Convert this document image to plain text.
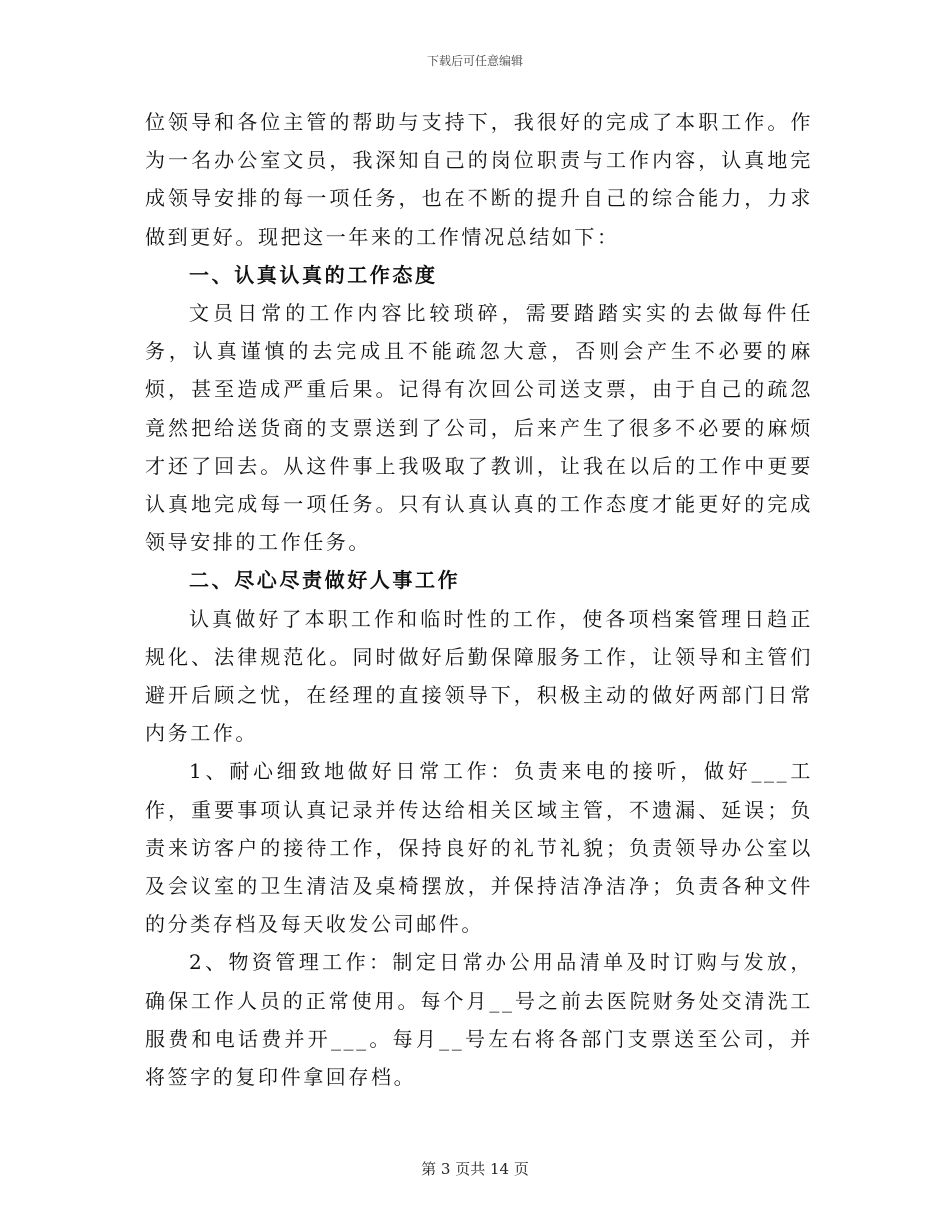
下载后可任意编辑

位领导和各位主管的帮助与支持下，我很好的完成了本职工作。作为一名办公室文员，我深知自己的岗位职责与工作内容，认真地完成领导安排的每一项任务，也在不断的提升自己的综合能力，力求做到更好。现把这一年来的工作情况总结如下：

一、认真认真的工作态度

文员日常的工作内容比较琐碎，需要踏踏实实的去做每件任务，认真谨慎的去完成且不能疏忽大意，否则会产生不必要的麻烦，甚至造成严重后果。记得有次回公司送支票，由于自己的疏忽竟然把给送货商的支票送到了公司，后来产生了很多不必要的麻烦才还了回去。从这件事上我吸取了教训，让我在以后的工作中更要认真地完成每一项任务。只有认真认真的工作态度才能更好的完成领导安排的工作任务。

二、尽心尽责做好人事工作

认真做好了本职工作和临时性的工作，使各项档案管理日趋正规化、法律规范化。同时做好后勤保障服务工作，让领导和主管们避开后顾之忧，在经理的直接领导下，积极主动的做好两部门日常内务工作。

1、耐心细致地做好日常工作：负责来电的接听，做好___工作，重要事项认真记录并传达给相关区域主管，不遗漏、延误；负责来访客户的接待工作，保持良好的礼节礼貌；负责领导办公室以及会议室的卫生清洁及桌椅摆放，并保持洁净洁净；负责各种文件的分类存档及每天收发公司邮件。

2、物资管理工作：制定日常办公用品清单及时订购与发放，确保工作人员的正常使用。每个月__号之前去医院财务处交清洗工服费和电话费并开___。每月__号左右将各部门支票送至公司，并将签字的复印件拿回存档。

第 3 页共 14 页
